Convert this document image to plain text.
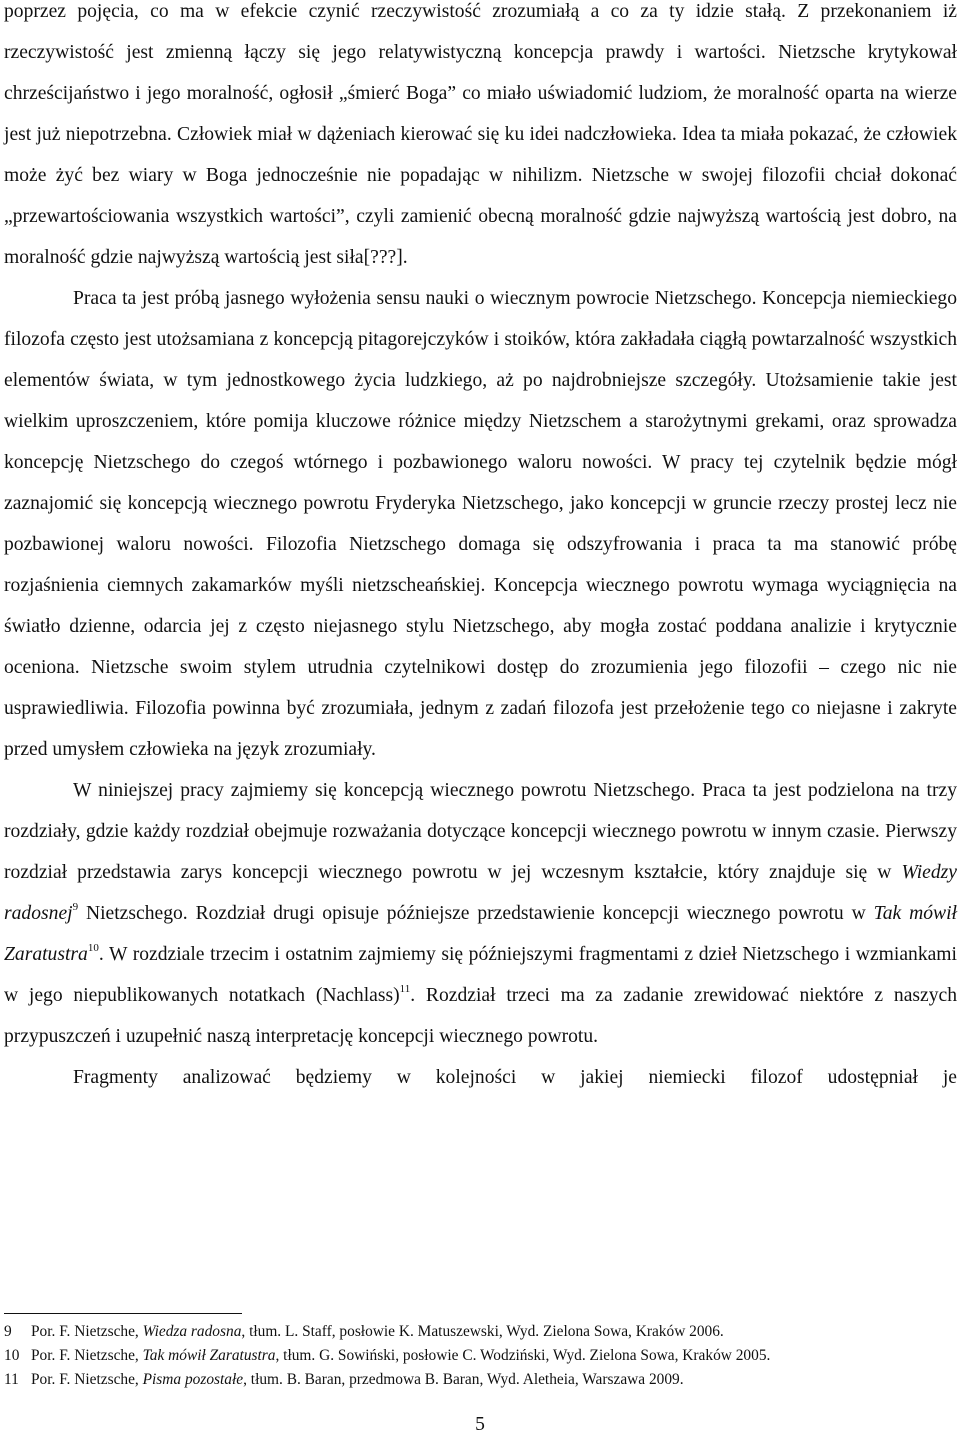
poprzez pojęcia, co ma w efekcie czynić rzeczywistość zrozumiałą a co za ty idzie stałą. Z przekonaniem iż rzeczywistość jest zmienną łączy się jego relatywistyczną koncepcja prawdy i wartości. Nietzsche krytykował chrześcijaństwo i jego moralność, ogłosił „śmierć Boga” co miało uświadomić ludziom, że moralność oparta na wierze jest już niepotrzebna. Człowiek miał w dążeniach kierować się ku idei nadczłowieka. Idea ta miała pokazać, że człowiek może żyć bez wiary w Boga jednocześnie nie popadając w nihilizm. Nietzsche w swojej filozofii chciał dokonać „przewartościowania wszystkich wartości”, czyli zamienić obecną moralność gdzie najwyższą wartością jest dobro, na moralność gdzie najwyższą wartością jest siła[???].

Praca ta jest próbą jasnego wyłożenia sensu nauki o wiecznym powrocie Nietzschego. Koncepcja niemieckiego filozofa często jest utożsamiana z koncepcją pitagorejczyków i stoików, która zakładała ciągłą powtarzalność wszystkich elementów świata, w tym jednostkowego życia ludzkiego, aż po najdrobniejsze szczegóły. Utożsamienie takie jest wielkim uproszczeniem, które pomija kluczowe różnice między Nietzschem a starożytnymi grekami, oraz sprowadza koncepcję Nietzschego do czegoś wtórnego i pozbawionego waloru nowości. W pracy tej czytelnik będzie mógł zaznajomić się koncepcją wiecznego powrotu Fryderyka Nietzschego, jako koncepcji w gruncie rzeczy prostej lecz nie pozbawionej waloru nowości. Filozofia Nietzschego domaga się odszyfrowania i praca ta ma stanowić próbę rozjaśnienia ciemnych zakamarków myśli nietzscheańskiej. Koncepcja wiecznego powrotu wymaga wyciągnięcia na światło dzienne, odarcia jej z często niejasnego stylu Nietzschego, aby mogła zostać poddana analizie i krytycznie oceniona. Nietzsche swoim stylem utrudnia czytelnikowi dostęp do zrozumienia jego filozofii – czego nic nie usprawiedliwia. Filozofia powinna być zrozumiała, jednym z zadań filozofa jest przełożenie tego co niejasne i zakryte przed umysłem człowieka na język zrozumiały.

W niniejszej pracy zajmiemy się koncepcją wiecznego powrotu Nietzschego. Praca ta jest podzielona na trzy rozdziały, gdzie każdy rozdział obejmuje rozważania dotyczące koncepcji wiecznego powrotu w innym czasie. Pierwszy rozdział przedstawia zarys koncepcji wiecznego powrotu w jej wczesnym kształcie, który znajduje się w Wiedzy radosnej$^9$ Nietzschego. Rozdział drugi opisuje późniejsze przedstawienie koncepcji wiecznego powrotu w Tak mówił Zaratustra$^{10}$. W rozdziale trzecim i ostatnim zajmiemy się późniejszymi fragmentami z dzieł Nietzschego i wzmiankami w jego niepublikowanych notatkach (Nachlass)$^{11}$. Rozdział trzeci ma za zadanie zrewidować niektóre z naszych przypuszczeń i uzupełnić naszą interpretację koncepcji wiecznego powrotu.

Fragmenty analizować będziemy w kolejności w jakiej niemiecki filozof udostępniał je

9	Por. F. Nietzsche, Wiedza radosna, tłum. L. Staff, posłowie K. Matuszewski, Wyd. Zielona Sowa, Kraków 2006.
10 Por. F. Nietzsche, Tak mówił Zaratustra, tłum. G. Sowiński, posłowie C. Wodziński, Wyd. Zielona Sowa, Kraków 2005.
11 Por. F. Nietzsche, Pisma pozostałe, tłum. B. Baran, przedmowa B. Baran, Wyd. Aletheia, Warszawa 2009.
5
